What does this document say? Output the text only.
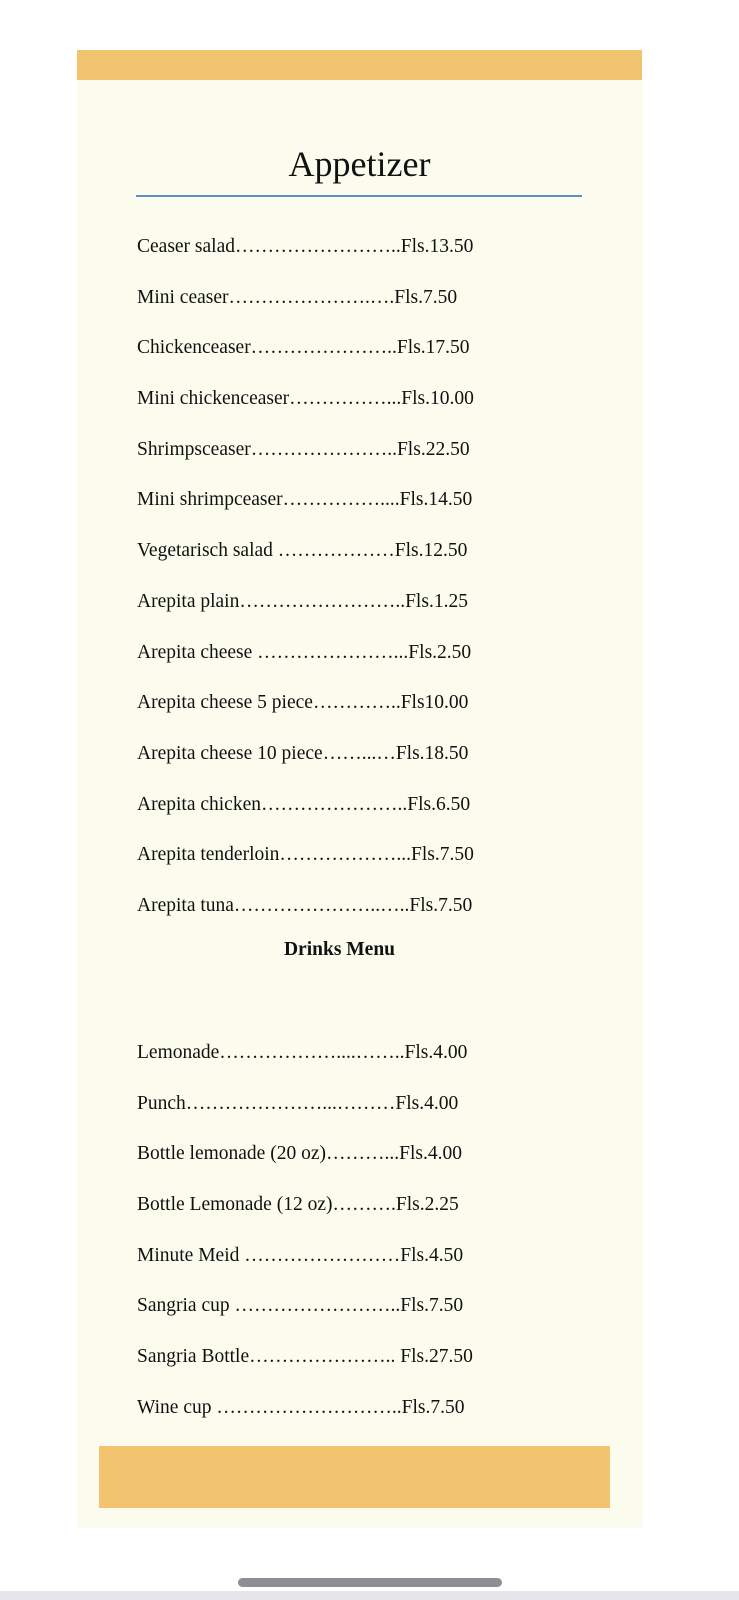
Appetizer
Ceaser salad……………………..Fls.13.50
Mini ceaser………………….….Fls.7.50
Chickenceaser…………………..Fls.17.50
Mini chickenceaser……………...Fls.10.00
Shrimpsceaser…………………..Fls.22.50
Mini shrimpceaser……………....Fls.14.50
Vegetarisch salad ………………Fls.12.50
Arepita plain……………………..Fls.1.25
Arepita cheese …………………...Fls.2.50
Arepita cheese 5 piece…………..Fls10.00
Arepita cheese 10 piece……...…Fls.18.50
Arepita chicken…………………..Fls.6.50
Arepita tenderloin………………...Fls.7.50
Arepita tuna…………………..…..Fls.7.50
Drinks Menu
Lemonade………………....……..Fls.4.00
Punch…………………...………Fls.4.00
Bottle lemonade (20 oz)………...Fls.4.00
Bottle Lemonade (12 oz)……….Fls.2.25
Minute Meid ……………………Fls.4.50
Sangria cup ……………………..Fls.7.50
Sangria Bottle………………….. Fls.27.50
Wine cup ………………………..Fls.7.50
